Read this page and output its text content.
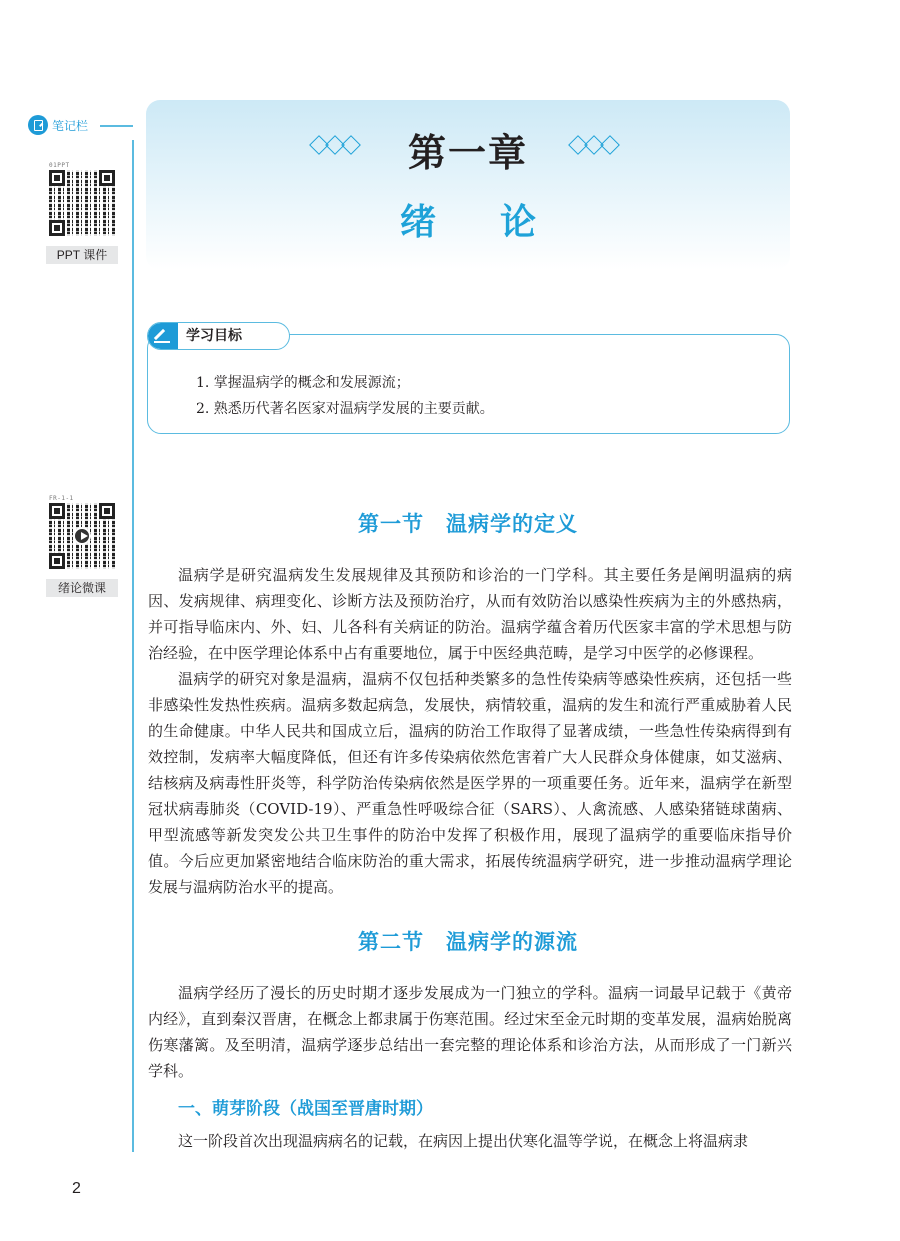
笔记栏
01PPT
PPT 课件
FR-1-1
绪论微课
第一章
绪论
学习目标
1. 掌握温病学的概念和发展源流；
2. 熟悉历代著名医家对温病学发展的主要贡献。
第一节 温病学的定义

温病学是研究温病发生发展规律及其预防和诊治的一门学科。其主要任务是阐明温病的病因、发病规律、病理变化、诊断方法及预防治疗，从而有效防治以感染性疾病为主的外感热病，并可指导临床内、外、妇、儿各科有关病证的防治。温病学蕴含着历代医家丰富的学术思想与防治经验，在中医学理论体系中占有重要地位，属于中医经典范畴，是学习中医学的必修课程。

温病学的研究对象是温病，温病不仅包括种类繁多的急性传染病等感染性疾病，还包括一些非感染性发热性疾病。温病多数起病急，发展快，病情较重，温病的发生和流行严重威胁着人民的生命健康。中华人民共和国成立后，温病的防治工作取得了显著成绩，一些急性传染病得到有效控制，发病率大幅度降低，但还有许多传染病依然危害着广大人民群众身体健康，如艾滋病、结核病及病毒性肝炎等，科学防治传染病依然是医学界的一项重要任务。近年来，温病学在新型冠状病毒肺炎（COVID-19）、严重急性呼吸综合征（SARS）、人禽流感、人感染猪链球菌病、甲型流感等新发突发公共卫生事件的防治中发挥了积极作用，展现了温病学的重要临床指导价值。今后应更加紧密地结合临床防治的重大需求，拓展传统温病学研究，进一步推动温病学理论发展与温病防治水平的提高。

第二节 温病学的源流

温病学经历了漫长的历史时期才逐步发展成为一门独立的学科。温病一词最早记载于《黄帝内经》，直到秦汉晋唐，在概念上都隶属于伤寒范围。经过宋至金元时期的变革发展，温病始脱离伤寒藩篱。及至明清，温病学逐步总结出一套完整的理论体系和诊治方法，从而形成了一门新兴学科。

一、萌芽阶段（战国至晋唐时期）

这一阶段首次出现温病病名的记载，在病因上提出伏寒化温等学说，在概念上将温病隶

2
